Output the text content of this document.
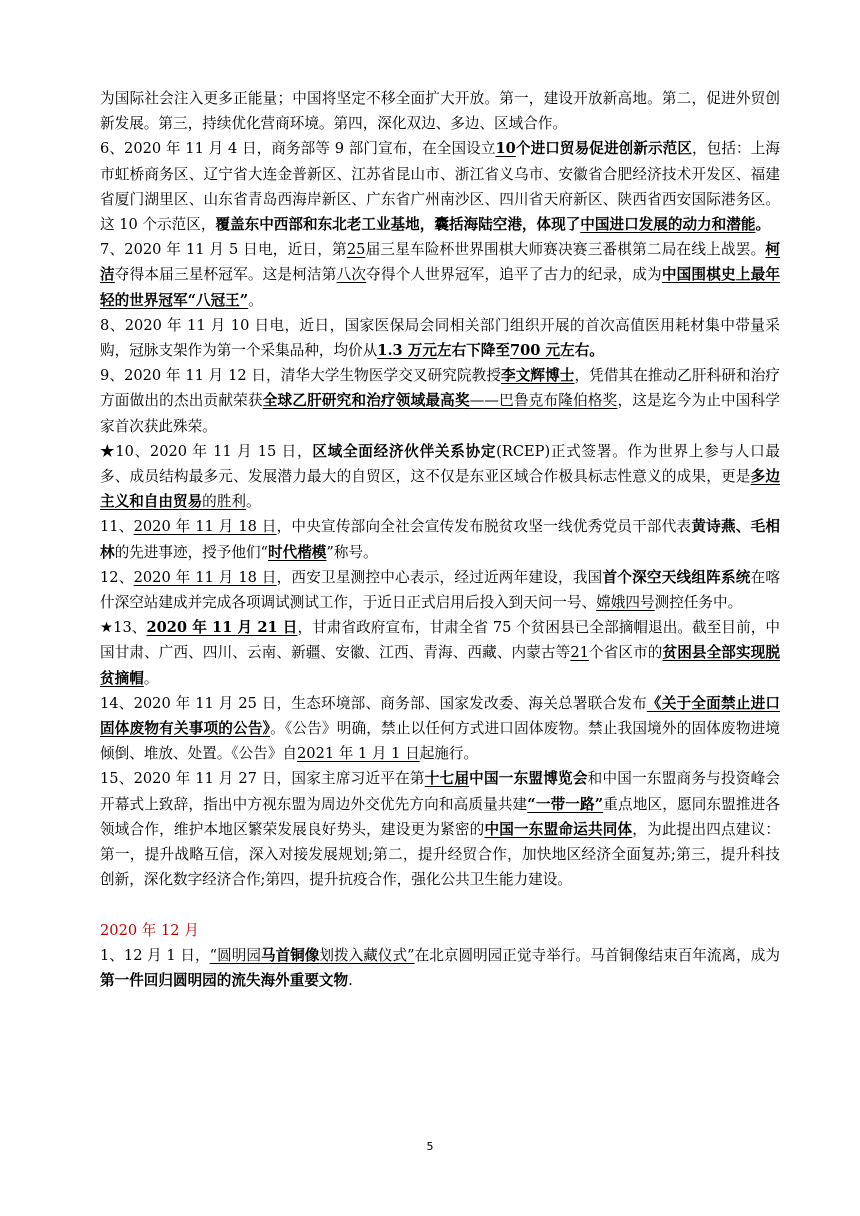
为国际社会注入更多正能量；中国将坚定不移全面扩大开放。第一，建设开放新高地。第二，促进外贸创新发展。第三，持续优化营商环境。第四，深化双边、多边、区域合作。

6、2020 年 11 月 4 日，商务部等 9 部门宣布，在全国设立10个进口贸易促进创新示范区，包括：上海市虹桥商务区、辽宁省大连金普新区、江苏省昆山市、浙江省义乌市、安徽省合肥经济技术开发区、福建省厦门湖里区、山东省青岛西海岸新区、广东省广州南沙区、四川省天府新区、陕西省西安国际港务区。这 10 个示范区，覆盖东中西部和东北老工业基地，囊括海陆空港，体现了中国进口发展的动力和潜能。

7、2020 年 11 月 5 日电，近日，第25届三星车险杯世界围棋大师赛决赛三番棋第二局在线上战罢。柯洁夺得本届三星杯冠军。这是柯洁第八次夺得个人世界冠军，追平了古力的纪录，成为中国围棋史上最年轻的世界冠军“八冠王”。

8、2020 年 11 月 10 日电，近日，国家医保局会同相关部门组织开展的首次高值医用耗材集中带量采购，冠脉支架作为第一个采集品种，均价从1.3 万元左右下降至700 元左右。

9、2020 年 11 月 12 日，清华大学生物医学交叉研究院教授李文辉博士，凭借其在推动乙肝科研和治疗方面做出的杰出贡献荣获全球乙肝研究和治疗领域最高奖——巴鲁克布隆伯格奖，这是迄今为止中国科学家首次获此殊荣。

★10、2020 年 11 月 15 日，区域全面经济伙伴关系协定(RCEP)正式签署。作为世界上参与人口最多、成员结构最多元、发展潜力最大的自贸区，这不仅是东亚区域合作极具标志性意义的成果，更是多边主义和自由贸易的胜利。

11、2020 年 11 月 18 日，中央宣传部向全社会宣传发布脱贫攻坚一线优秀党员干部代表黄诗燕、毛相林的先进事迹，授予他们“时代楷模”称号。

12、2020 年 11 月 18 日，西安卫星测控中心表示，经过近两年建设，我国首个深空天线组阵系统在喀什深空站建成并完成各项调试测试工作，于近日正式启用后投入到天问一号、嫦娥四号测控任务中。

★13、2020 年 11 月 21 日，甘肃省政府宣布，甘肃全省 75 个贫困县已全部摘帽退出。截至目前，中国甘肃、广西、四川、云南、新疆、安徽、江西、青海、西藏、内蒙古等21个省区市的贫困县全部实现脱贫摘帽。

14、2020 年 11 月 25 日，生态环境部、商务部、国家发改委、海关总署联合发布《关于全面禁止进口固体废物有关事项的公告》。《公告》明确，禁止以任何方式进口固体废物。禁止我国境外的固体废物进境倾倒、堆放、处置。《公告》自2021 年 1 月 1 日起施行。

15、2020 年 11 月 27 日，国家主席习近平在第十七届中国一东盟博览会和中国一东盟商务与投资峰会开幕式上致辞，指出中方视东盟为周边外交优先方向和高质量共建“一带一路”重点地区，愿同东盟推进各领域合作，维护本地区繁荣发展良好势头，建设更为紧密的中国一东盟命运共同体，为此提出四点建议：第一，提升战略互信，深入对接发展规划;第二，提升经贸合作，加快地区经济全面复苏;第三，提升科技创新，深化数字经济合作;第四，提升抗疫合作，强化公共卫生能力建设。

2020 年 12 月

1、12 月 1 日，“圆明园马首铜像划拨入藏仪式”在北京圆明园正觉寺举行。马首铜像结束百年流离，成为第一件回归圆明园的流失海外重要文物.

5
